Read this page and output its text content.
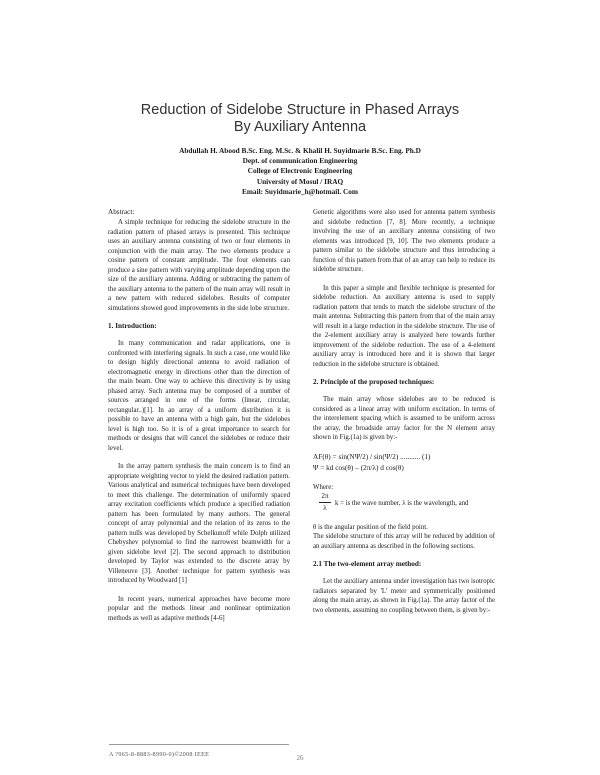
Reduction of Sidelobe Structure in Phased Arrays
By Auxiliary Antenna
Abdullah H. Abood B.Sc. Eng. M.Sc. & Khalil H. Suyidmarie B.Sc. Eng. Ph.D
Dept. of communication Engineering
College of Electronic Engineering
University of Mosul / IRAQ
Email: Suyidmarie_h@hotmail. Com
Abstract:

A simple technique for reducing the sidelobe structure in the radiation pattern of phased arrays is presented. This technique uses an auxiliary antenna consisting of two or four elements in conjunction with the main array. The two elements produce a cosine pattern of constant amplitude. The four elements can produce a sine pattern with varying amplitude depending upon the size of the auxiliary antenna. Adding or subtracting the pattern of the auxiliary antenna to the pattern of the main array will result in a new pattern with reduced sidelobes. Results of computer simulations showed good improvements in the side lobe structure.

1. Introduction:

In many communication and radar applications, one is confronted with interfering signals. In such a case, one would like to design highly directional antenna to avoid radiation of electromagnetic energy in directions other than the direction of the main beam. One way to achieve this directivity is by using phased array. Such antenna may be composed of a number of sources arranged in one of the forms (linear, circular, rectangular..)[1]. In an array of a uniform distribution it is possible to have an antenna with a high gain, but the sidelobes level is high too. So it is of a great importance to search for methods or designs that will cancel the sidelobes or reduce their level.

In the array pattern synthesis the main concern is to find an appropriate weighting vector to yield the desired radiation pattern. Various analytical and numerical techniques have been developed to meet this challenge. The determination of uniformly spaced array excitation coefficients which produce a specified radiation pattern has been formulated by many authors. The general concept of array polynomial and the relation of its zeros to the pattern nulls was developed by Schelkunoff while Dolph utilized Chebyshev polynomial to find the narrowest beamwidth for a given sidelobe level [2]. The second approach to distribution developed by Taylor was extended to the discrete array by Villeneuve [3]. Another technique for pattern synthesis was introduced by Woodward [1]

In recent years, numerical approaches have become more popular and the methods linear and nonlinear optimization methods as well as adaptive methods [4-6]

Genetic algorithms were also used for antenna pattern synthesis and sidelobe reduction [7, 8]. More recently, a technique involving the use of an auxiliary antenna consisting of two elements was introduced [9, 10]. The two elements produce a pattern similar to the sidelobe structure and thus introducing a function of this pattern from that of an array can help to reduce its sidelobe structure.

In this paper a simple and flexible technique is presented for sidelobe reduction. An auxiliary antenna is used to supply radiation pattern that tends to match the sidelobe structure of the main antenna. Subtracting this pattern from that of the main array will result in a large reduction in the sidelobe structure. The use of the 2-element auxiliary array is analyzed here towards further improvement of the sidelobe reduction. The use of a 4-element auxiliary array is introduced here and it is shown that larger reduction in the sidelobe structure is obtained.

2. Principle of the proposed techniques:

The main array whose sidelobes are to be reduced is considered as a linear array with uniform excitation. In terms of the interelement spacing which is assumed to be uniform across the array, the broadside array factor for the N element array shown in Fig.(1a) is given by:-

AF(θ) = sin(NΨ/2) / sin(Ψ/2) ........... (1)
Ψ = kd cos(θ) – (2π/λ) d cos(θ)
Where:
2π
λ
k = is the wave number, λ is the wavelength, and

θ is the angular position of the field point.

The sidelobe structure of this array will be reduced by addition of an auxiliary antenna as described in the following sections.

2.1 The two-element array method:

Let the auxiliary antenna under investigation has two isotropic radiators separated by 'L' meter and symmetrically positioned along the main array, as shown in Fig.(1a). The array factor of the two elements, assuming no coupling between them, is given by:-

A ?965-8-8883-8990-0)©2008 IEEE	26
